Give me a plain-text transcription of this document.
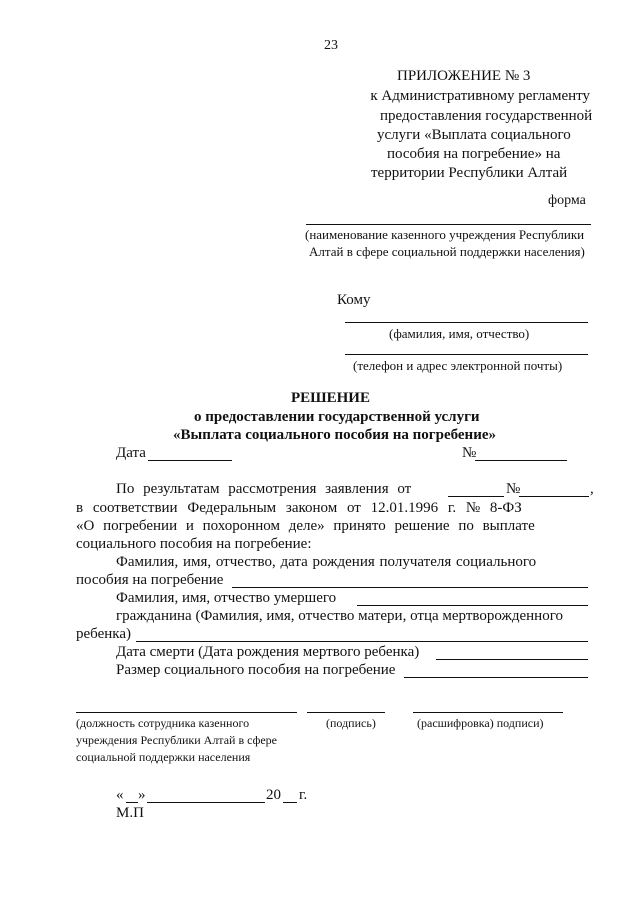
23
ПРИЛОЖЕНИЕ № 3
к Административному регламенту
предоставления государственной
услуги «Выплата социального
пособия на погребение» на
территории Республики Алтай
форма
(наименование казенного учреждения Республики
Алтай в сфере социальной поддержки населения)
Кому
(фамилия, имя, отчество)
(телефон и адрес электронной почты)
РЕШЕНИЕ
о предоставлении государственной услуги
«Выплата социального пособия на погребение»
Дата	№
По результатам рассмотрения заявления от	№	,
в соответствии Федеральным законом от 12.01.1996 г. № 8-ФЗ
«О погребении и похоронном деле» принято решение по выплате
социального пособия на погребение:
Фамилия, имя, отчество, дата рождения получателя социального
пособия на погребение
Фамилия, имя, отчество умершего
гражданина (Фамилия, имя, отчество матери, отца мертворожденного
ребенка)
Дата смерти (Дата рождения мертвого ребенка)
Размер социального пособия на погребение
(должность сотрудника казенного
учреждения Республики Алтай в сфере
социальной поддержки населения
(подпись)	(расшифровка) подписи)
« »	20 г.
М.П
